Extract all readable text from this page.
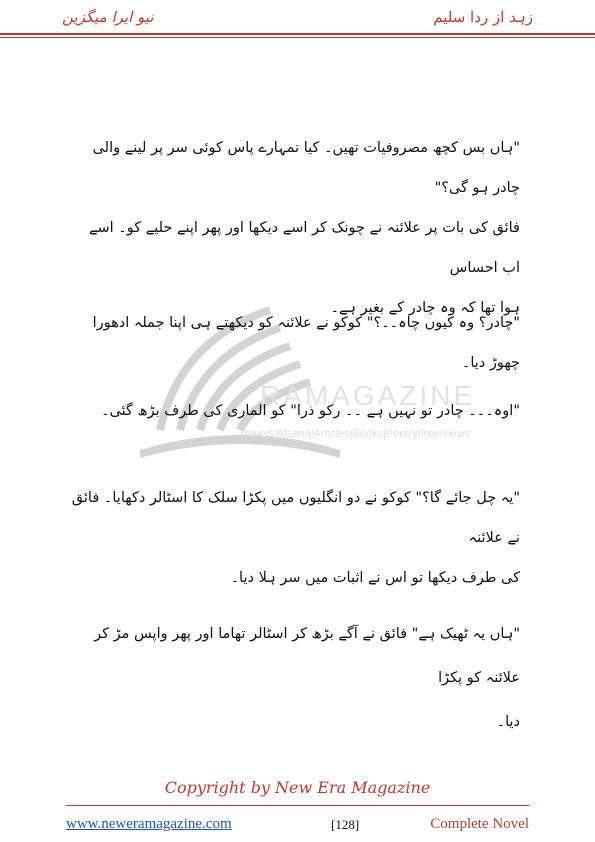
نیو ایرا میگزین	زہد از ردا سلیم
RAMAGAZINE
Novels|Afsana|Articles|Books|Poetry|Interviews

"ہاں بس کچھ مصروفیات تھیں۔ کیا تمہارے پاس کوئی سر پر لینے والی چادر ہو گی؟"

فائق کی بات پر علائنہ نے چونک کر اسے دیکھا اور پھر اپنے حلیے کو۔ اسے اب احساس

ہوا تھا کہ وہ چادر کے بغیر ہے۔

"چادر؟ وہ کیوں چاہ۔۔؟" کوکو نے علائنہ کو دیکھتے ہی اپنا جملہ ادھورا چھوڑ دیا۔

"اوہ۔۔۔ چادر تو نہیں ہے ۔۔ رکو ذرا" کو الماری کی طرف بڑھ گئی۔

"یہ چل جائے گا؟" کوکو نے دو انگلیوں میں پکڑا سلک کا اسٹالر دکھایا۔ فائق نے علائنہ

کی طرف دیکھا تو اس نے اثبات میں سر ہلا دیا۔

"ہاں یہ ٹھیک ہے" فائق نے آگے بڑھ کر اسٹالر تھاما اور پھر واپس مڑ کر علائنہ کو پکڑا

دیا۔

Copyright by New Era Magazine
www.neweramagazine.com	[128]	Complete Novel
